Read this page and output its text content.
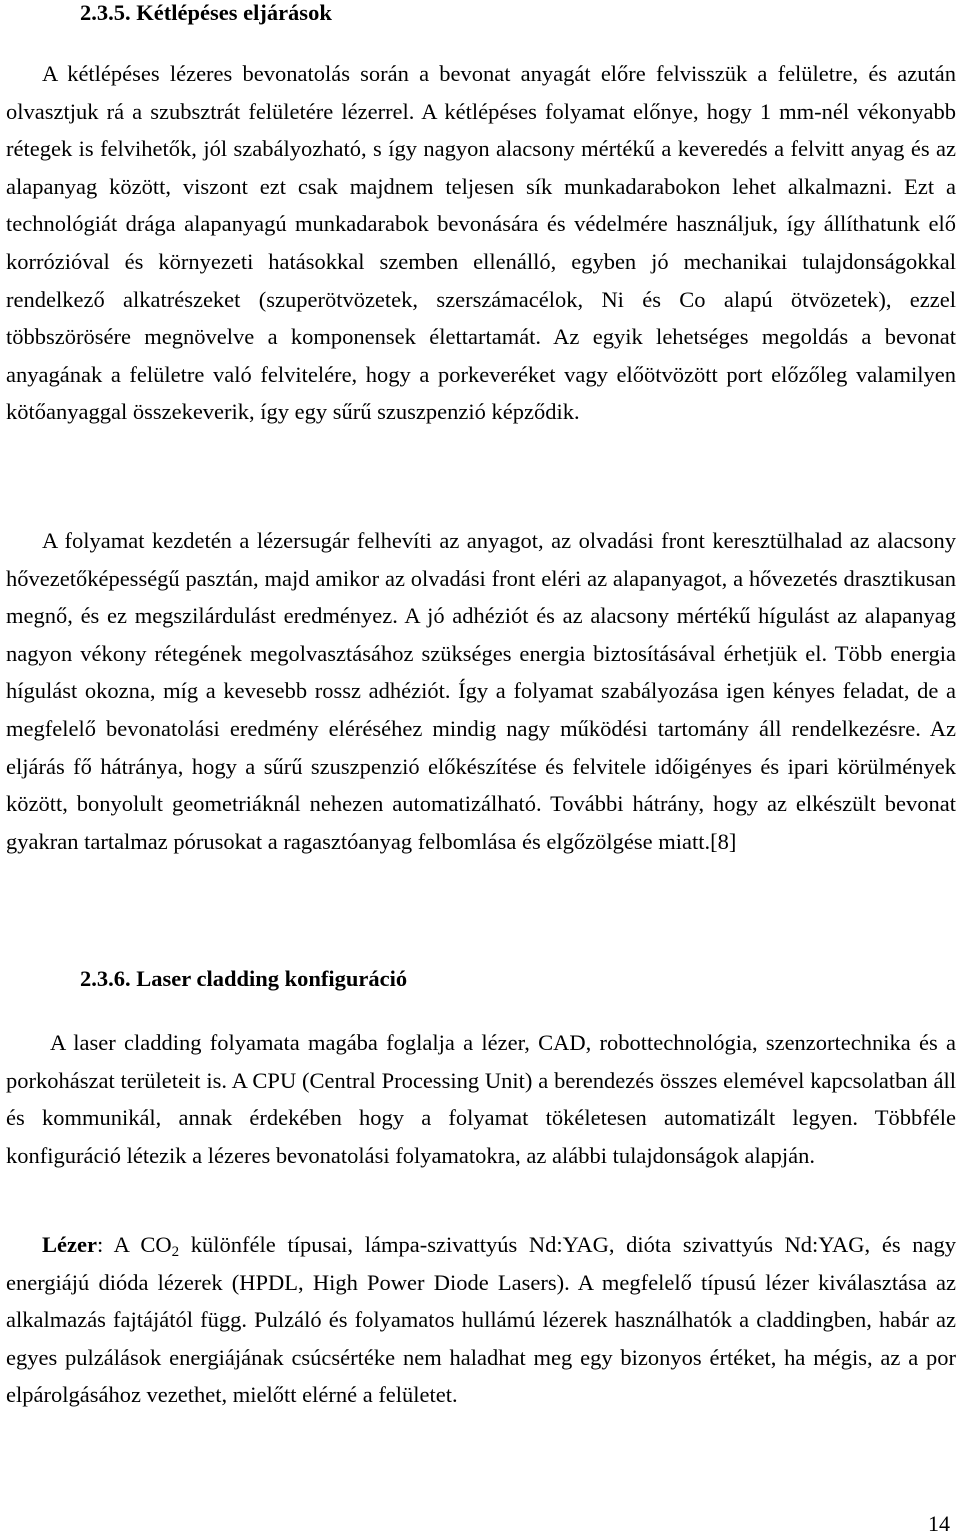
2.3.5. Kétlépéses eljárások

A kétlépéses lézeres bevonatolás során a bevonat anyagát előre felvisszük a felületre, és azután olvasztjuk rá a szubsztrát felületére lézerrel. A kétlépéses folyamat előnye, hogy 1 mm-nél vékonyabb rétegek is felvihetők, jól szabályozható, s így nagyon alacsony mértékű a keveredés a felvitt anyag és az alapanyag között, viszont ezt csak majdnem teljesen sík munkadarabokon lehet alkalmazni. Ezt a technológiát drága alapanyagú munkadarabok bevonására és védelmére használjuk, így állíthatunk elő korrózióval és környezeti hatásokkal szemben ellenálló, egyben jó mechanikai tulajdonságokkal rendelkező alkatrészeket (szuperötvözetek, szerszámacélok, Ni és Co alapú ötvözetek), ezzel többszörösére megnövelve a komponensek élettartamát. Az egyik lehetséges megoldás a bevonat anyagának a felületre való felvitelére, hogy a porkeveréket vagy előötvözött port előzőleg valamilyen kötőanyaggal összekeverik, így egy sűrű szuszpenzió képződik.

A folyamat kezdetén a lézersugár felhevíti az anyagot, az olvadási front keresztülhalad az alacsony hővezetőképességű pasztán, majd amikor az olvadási front eléri az alapanyagot, a hővezetés drasztikusan megnő, és ez megszilárdulást eredményez. A jó adhéziót és az alacsony mértékű hígulást az alapanyag nagyon vékony rétegének megolvasztásához szükséges energia biztosításával érhetjük el. Több energia hígulást okozna, míg a kevesebb rossz adhéziót. Így a folyamat szabályozása igen kényes feladat, de a megfelelő bevonatolási eredmény eléréséhez mindig nagy működési tartomány áll rendelkezésre. Az eljárás fő hátránya, hogy a sűrű szuszpenzió előkészítése és felvitele időigényes és ipari körülmények között, bonyolult geometriáknál nehezen automatizálható. További hátrány, hogy az elkészült bevonat gyakran tartalmaz pórusokat a ragasztóanyag felbomlása és elgőzölgése miatt.[8]

2.3.6. Laser cladding konfiguráció

A laser cladding folyamata magába foglalja a lézer, CAD, robottechnológia, szenzortechnika és a porkohászat területeit is. A CPU (Central Processing Unit) a berendezés összes elemével kapcsolatban áll és kommunikál, annak érdekében hogy a folyamat tökéletesen automatizált legyen. Többféle konfiguráció létezik a lézeres bevonatolási folyamatokra, az alábbi tulajdonságok alapján.

Lézer: A $CO_2$ különféle típusai, lámpa-szivattyús Nd:YAG, dióta szivattyús Nd:YAG, és nagy energiájú dióda lézerek (HPDL, High Power Diode Lasers). A megfelelő típusú lézer kiválasztása az alkalmazás fajtájától függ. Pulzáló és folyamatos hullámú lézerek használhatók a claddingben, habár az egyes pulzálások energiájának csúcsértéke nem haladhat meg egy bizonyos értéket, ha mégis, az a por elpárolgásához vezethet, mielőtt elérné a felületet.

14
